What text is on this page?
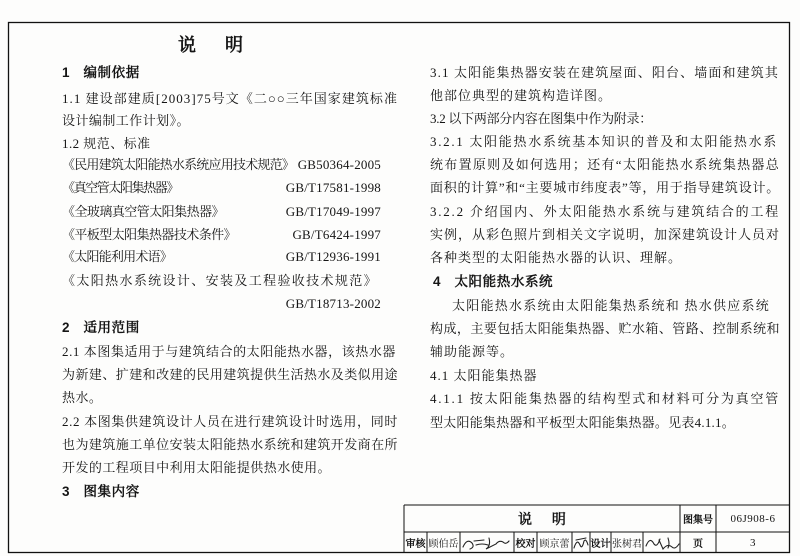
说 明
1 编制依据
1.1 建设部建质[2003]75号文《二○○三年国家建筑标准
设计编制工作计划》。
1.2 规范、标准
《民用建筑太阳能热水系统应用技术规范》 GB50364-2005
《真空管太阳集热器》	GB/T17581-1998
《全玻璃真空管太阳集热器》	GB/T17049-1997
《平板型太阳集热器技术条件》	GB/T6424-1997
《太阳能利用术语》	GB/T12936-1991
《太阳热水系统设计、安装及工程验收技术规范》
GB/T18713-2002
2 适用范围
2.1 本图集适用于与建筑结合的太阳能热水器，该热水器
为新建、扩建和改建的民用建筑提供生活热水及类似用途
热水。
2.2 本图集供建筑设计人员在进行建筑设计时选用，同时
也为建筑施工单位安装太阳能热水系统和建筑开发商在所
开发的工程项目中利用太阳能提供热水使用。
3 图集内容
3.1 太阳能集热器安装在建筑屋面、阳台、墙面和建筑其
他部位典型的建筑构造详图。
3.2 以下两部分内容在图集中作为附录：
3.2.1 太阳能热水系统基本知识的普及和太阳能热水系
统布置原则及如何选用；还有“太阳能热水系统集热器总
面积的计算”和“主要城市纬度表”等，用于指导建筑设计。
3.2.2 介绍国内、外太阳能热水系统与建筑结合的工程
实例，从彩色照片到相关文字说明，加深建筑设计人员对
各种类型的太阳能热水器的认识、理解。
4 太阳能热水系统
太阳能热水系统由太阳能集热系统和 热水供应系统
构成，主要包括太阳能集热器、贮水箱、管路、控制系统和
辅助能源等。
4.1 太阳能集热器
4.1.1 按太阳能集热器的结构型式和材料可分为真空管
型太阳能集热器和平板型太阳能集热器。见表4.1.1。
说 明	图集号	06J908-6
审核 顾伯岳	校对 顾京蕾 设计 张树君	页	3
